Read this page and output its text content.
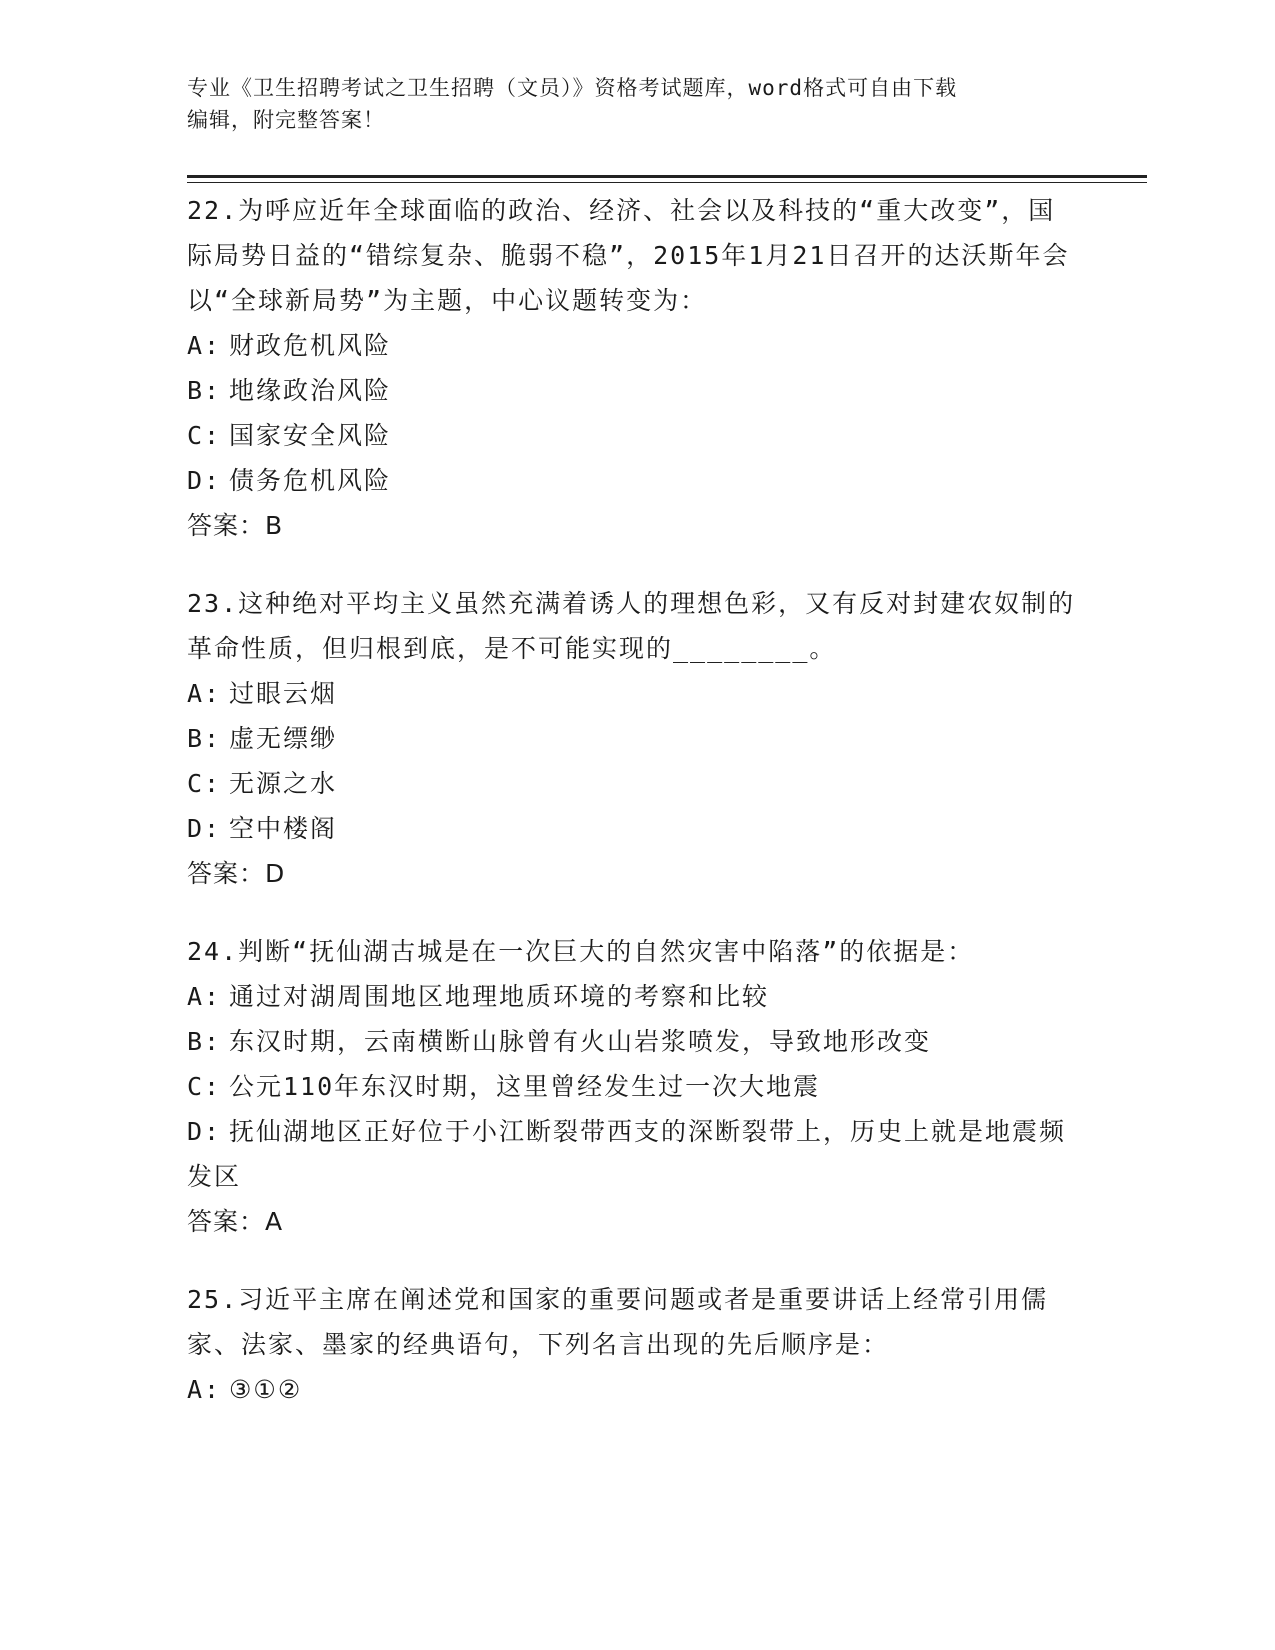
专业《卫生招聘考试之卫生招聘（文员）》资格考试题库，word格式可自由下载
编辑，附完整答案！
22.为呼应近年全球面临的政治、经济、社会以及科技的“重大改变”，国际局势日益的“错综复杂、脆弱不稳”，2015年1月21日召开的达沃斯年会以“全球新局势”为主题，中心议题转变为：
A: 财政危机风险
B: 地缘政治风险
C: 国家安全风险
D: 债务危机风险
答案：B
23.这种绝对平均主义虽然充满着诱人的理想色彩，又有反对封建农奴制的革命性质，但归根到底，是不可能实现的________。
A: 过眼云烟
B: 虚无缥缈
C: 无源之水
D: 空中楼阁
答案：D
24.判断“抚仙湖古城是在一次巨大的自然灾害中陷落”的依据是：
A: 通过对湖周围地区地理地质环境的考察和比较
B: 东汉时期，云南横断山脉曾有火山岩浆喷发，导致地形改变
C: 公元110年东汉时期，这里曾经发生过一次大地震
D: 抚仙湖地区正好位于小江断裂带西支的深断裂带上，历史上就是地震频发区
答案：A
25.习近平主席在阐述党和国家的重要问题或者是重要讲话上经常引用儒家、法家、墨家的经典语句，下列名言出现的先后顺序是：
A: ③①②
